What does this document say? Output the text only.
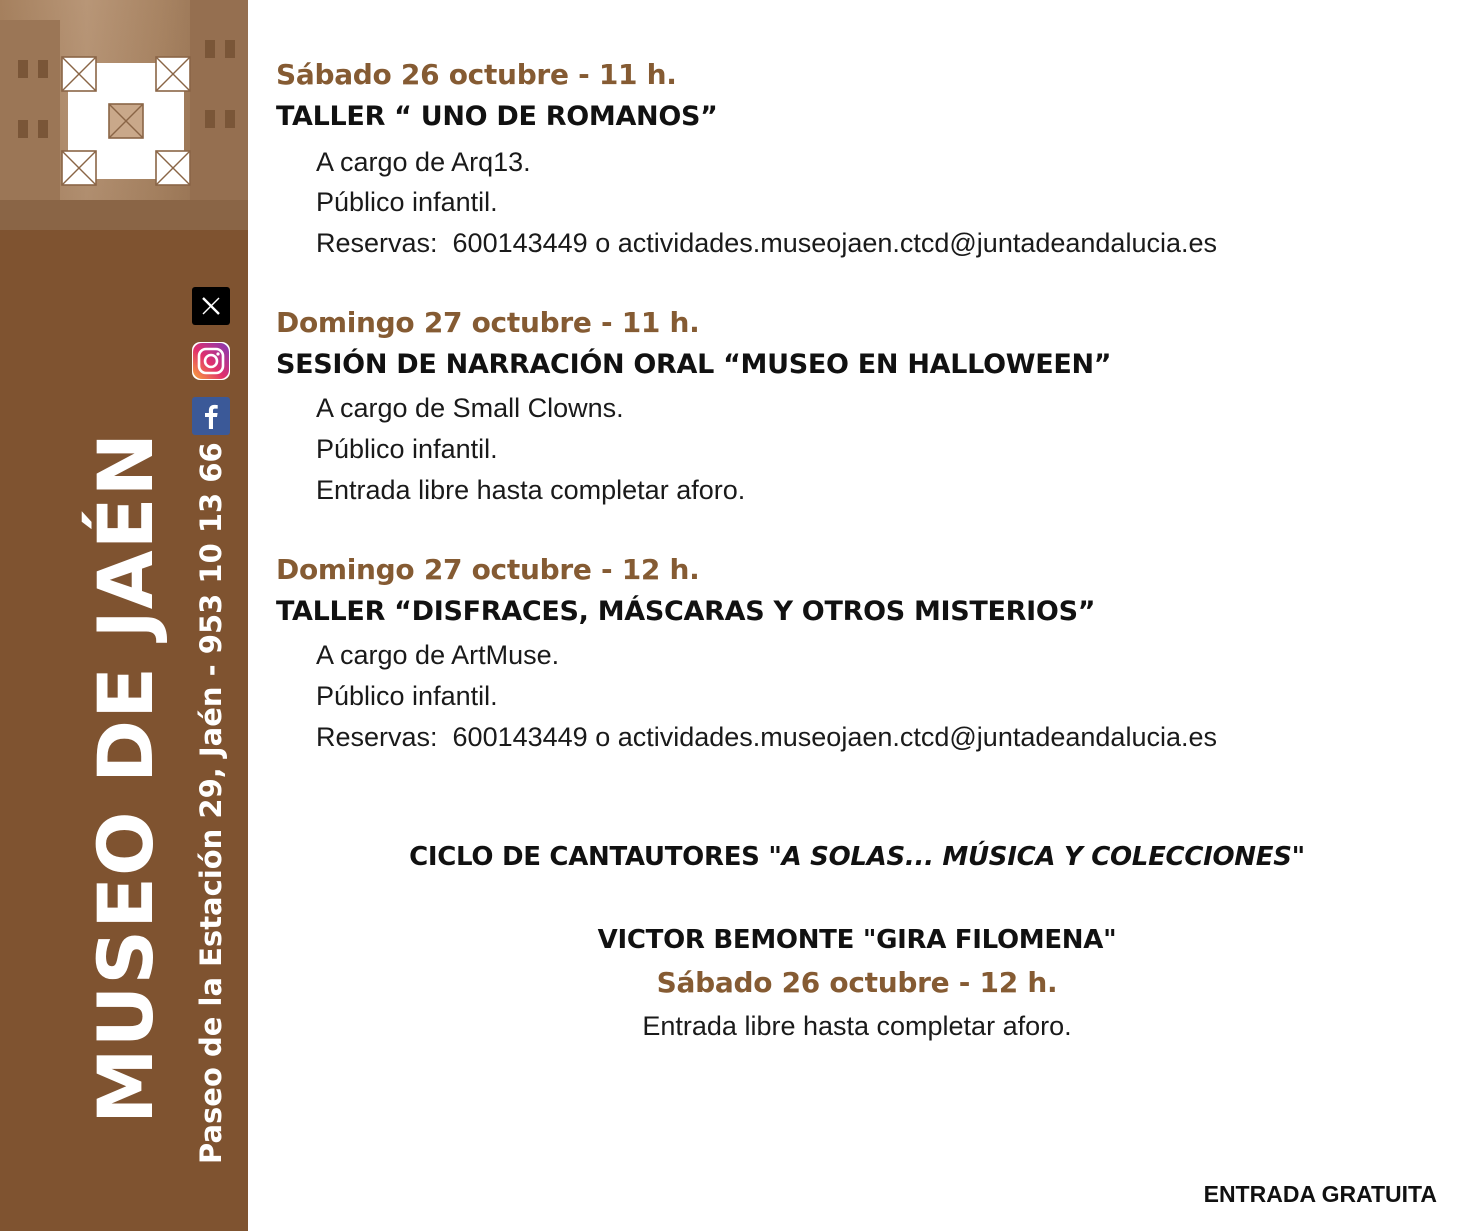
MUSEO DE JAÉN Paseo de la Estación 29, Jaén - 953 10 13 66
Sábado 26 octubre - 11 h.
TALLER “ UNO DE ROMANOS”
A cargo de Arq13.
Público infantil.
Reservas:  600143449 o actividades.museojaen.ctcd@juntadeandalucia.es
Domingo 27 octubre - 11 h.
SESIÓN DE NARRACIÓN ORAL “MUSEO EN HALLOWEEN”
A cargo de Small Clowns.
Público infantil.
Entrada libre hasta completar aforo.
Domingo 27 octubre - 12 h.
TALLER “DISFRACES, MÁSCARAS Y OTROS MISTERIOS”
A cargo de ArtMuse.
Público infantil.
Reservas:  600143449 o actividades.museojaen.ctcd@juntadeandalucia.es
CICLO DE CANTAUTORES "A SOLAS... MÚSICA Y COLECCIONES"
VICTOR BEMONTE "GIRA FILOMENA"
Sábado 26 octubre - 12 h.
Entrada libre hasta completar aforo.
ENTRADA GRATUITA
